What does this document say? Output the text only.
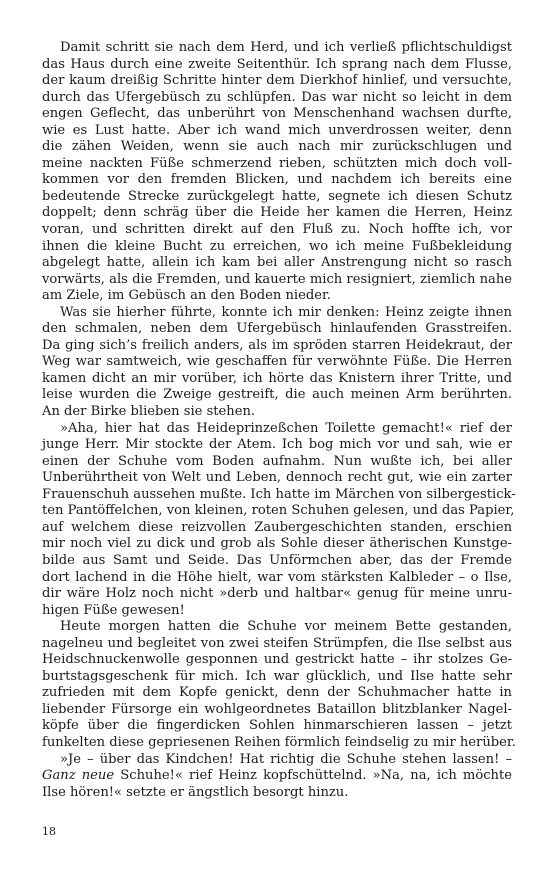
Damit schritt sie nach dem Herd, und ich verließ pflichtschuldigst
das Haus durch eine zweite Seitenthür. Ich sprang nach dem Flusse,
der kaum dreißig Schritte hinter dem Dierkhof hinlief, und versuchte,
durch das Ufergebüsch zu schlüpfen. Das war nicht so leicht in dem
engen Geflecht, das unberührt von Menschenhand wachsen durfte,
wie es Lust hatte. Aber ich wand mich unverdrossen weiter, denn
die zähen Weiden, wenn sie auch nach mir zurückschlugen und
meine nackten Füße schmerzend rieben, schützten mich doch voll-
kommen vor den fremden Blicken, und nachdem ich bereits eine
bedeutende Strecke zurückgelegt hatte, segnete ich diesen Schutz
doppelt; denn schräg über die Heide her kamen die Herren, Heinz
voran, und schritten direkt auf den Fluß zu. Noch hoffte ich, vor
ihnen die kleine Bucht zu erreichen, wo ich meine Fußbekleidung
abgelegt hatte, allein ich kam bei aller Anstrengung nicht so rasch
vorwärts, als die Fremden, und kauerte mich resigniert, ziemlich nahe
am Ziele, im Gebüsch an den Boden nieder.
Was sie hierher führte, konnte ich mir denken: Heinz zeigte ihnen
den schmalen, neben dem Ufergebüsch hinlaufenden Grasstreifen.
Da ging sich’s freilich anders, als im spröden starren Heidekraut, der
Weg war samtweich, wie geschaffen für verwöhnte Füße. Die Herren
kamen dicht an mir vorüber, ich hörte das Knistern ihrer Tritte, und
leise wurden die Zweige gestreift, die auch meinen Arm berührten.
An der Birke blieben sie stehen.
»Aha, hier hat das Heideprinzeßchen Toilette gemacht!« rief der
junge Herr. Mir stockte der Atem. Ich bog mich vor und sah, wie er
einen der Schuhe vom Boden aufnahm. Nun wußte ich, bei aller
Unberührtheit von Welt und Leben, dennoch recht gut, wie ein zarter
Frauenschuh aussehen mußte. Ich hatte im Märchen von silbergestick-
ten Pantöffelchen, von kleinen, roten Schuhen gelesen, und das Papier,
auf welchem diese reizvollen Zaubergeschichten standen, erschien
mir noch viel zu dick und grob als Sohle dieser ätherischen Kunstge-
bilde aus Samt und Seide. Das Unförmchen aber, das der Fremde
dort lachend in die Höhe hielt, war vom stärksten Kalbleder – o Ilse,
dir wäre Holz noch nicht »derb und haltbar« genug für meine unru-
higen Füße gewesen!
Heute morgen hatten die Schuhe vor meinem Bette gestanden,
nagelneu und begleitet von zwei steifen Strümpfen, die Ilse selbst aus
Heidschnuckenwolle gesponnen und gestrickt hatte – ihr stolzes Ge-
burtstagsgeschenk für mich. Ich war glücklich, und Ilse hatte sehr
zufrieden mit dem Kopfe genickt, denn der Schuhmacher hatte in
liebender Fürsorge ein wohlgeordnetes Bataillon blitzblanker Nagel-
köpfe über die fingerdicken Sohlen hinmarschieren lassen – jetzt
funkelten diese gepriesenen Reihen förmlich feindselig zu mir herüber.
»Je – über das Kindchen! Hat richtig die Schuhe stehen lassen! –
Ganz neue Schuhe!« rief Heinz kopfschüttelnd. »Na, na, ich möchte
Ilse hören!« setzte er ängstlich besorgt hinzu.
18
